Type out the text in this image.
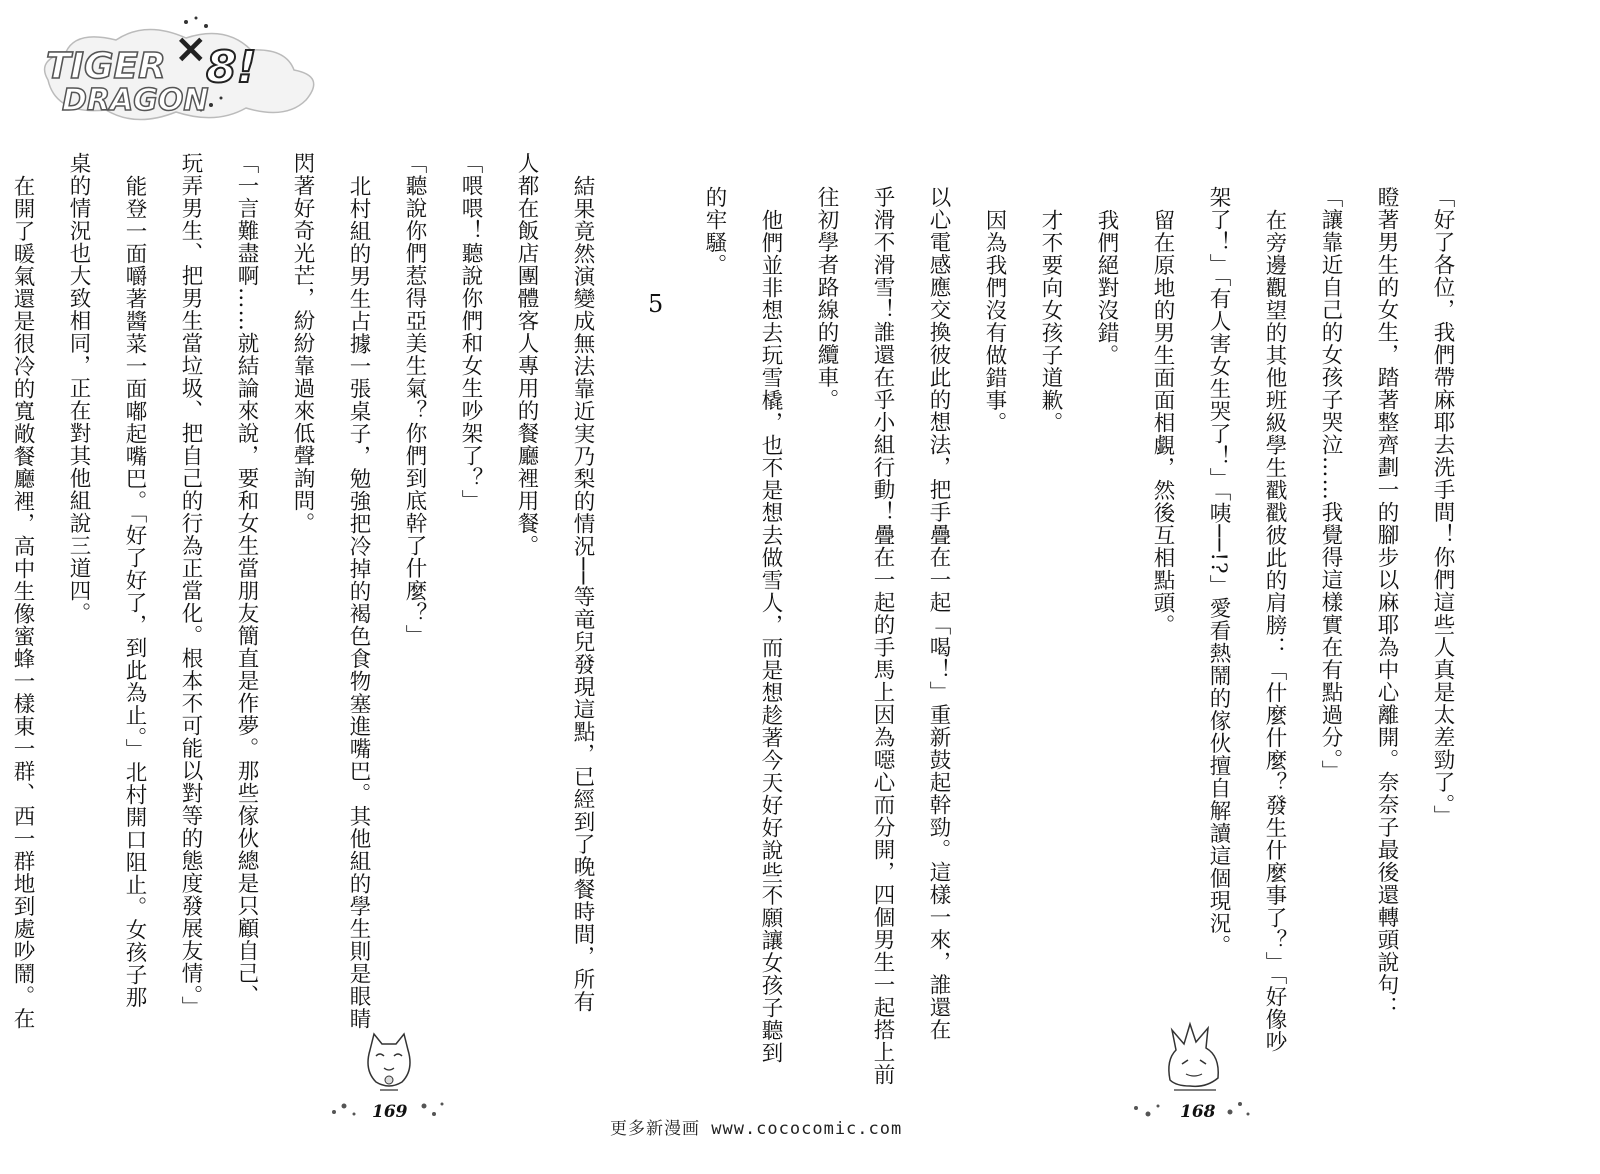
TIGER
DRAGON
×
8!
5
結果竟然演變成無法靠近実乃梨的情況──等竜兒發現這點，已經到了晚餐時間，所有
人都在飯店團體客人專用的餐廳裡用餐。
「喂喂！聽說你們和女生吵架了？」
「聽說你們惹得亞美生氣？你們到底幹了什麼？」
北村組的男生占據一張桌子，勉強把冷掉的褐色食物塞進嘴巴。其他組的學生則是眼睛
閃著好奇光芒，紛紛靠過來低聲詢問。
「一言難盡啊……就結論來說，要和女生當朋友簡直是作夢。那些傢伙總是只顧自己、
玩弄男生、把男生當垃圾、把自己的行為正當化。根本不可能以對等的態度發展友情。」
能登一面嚼著醬菜一面嘟起嘴巴。「好了好了，到此為止。」北村開口阻止。女孩子那
桌的情況也大致相同，正在對其他組說三道四。
在開了暖氣還是很冷的寬敞餐廳裡，高中生像蜜蜂一樣東一群、西一群地到處吵鬧。在
169
「好了各位，我們帶麻耶去洗手間！你們這些人真是太差勁了。」
瞪著男生的女生，踏著整齊劃一的腳步以麻耶為中心離開。奈奈子最後還轉頭說句：
「讓靠近自己的女孩子哭泣……我覺得這樣實在有點過分。」
在旁邊觀望的其他班級學生戳戳彼此的肩膀：「什麼什麼？發生什麼事了？」「好像吵
架了！」「有人害女生哭了！」「咦──!?」愛看熱鬧的傢伙擅自解讀這個現況。
留在原地的男生面面相覷，然後互相點頭。
我們絕對沒錯。
才不要向女孩子道歉。
因為我們沒有做錯事。
以心電感應交換彼此的想法，把手疊在一起「喝！」重新鼓起幹勁。這樣一來，誰還在
乎滑不滑雪！誰還在乎小組行動！疊在一起的手馬上因為噁心而分開，四個男生一起搭上前
往初學者路線的纜車。
他們並非想去玩雪橇，也不是想去做雪人，而是想趁著今天好好說些不願讓女孩子聽到
的牢騷。
168
更多新漫画 www.cococomic.com
